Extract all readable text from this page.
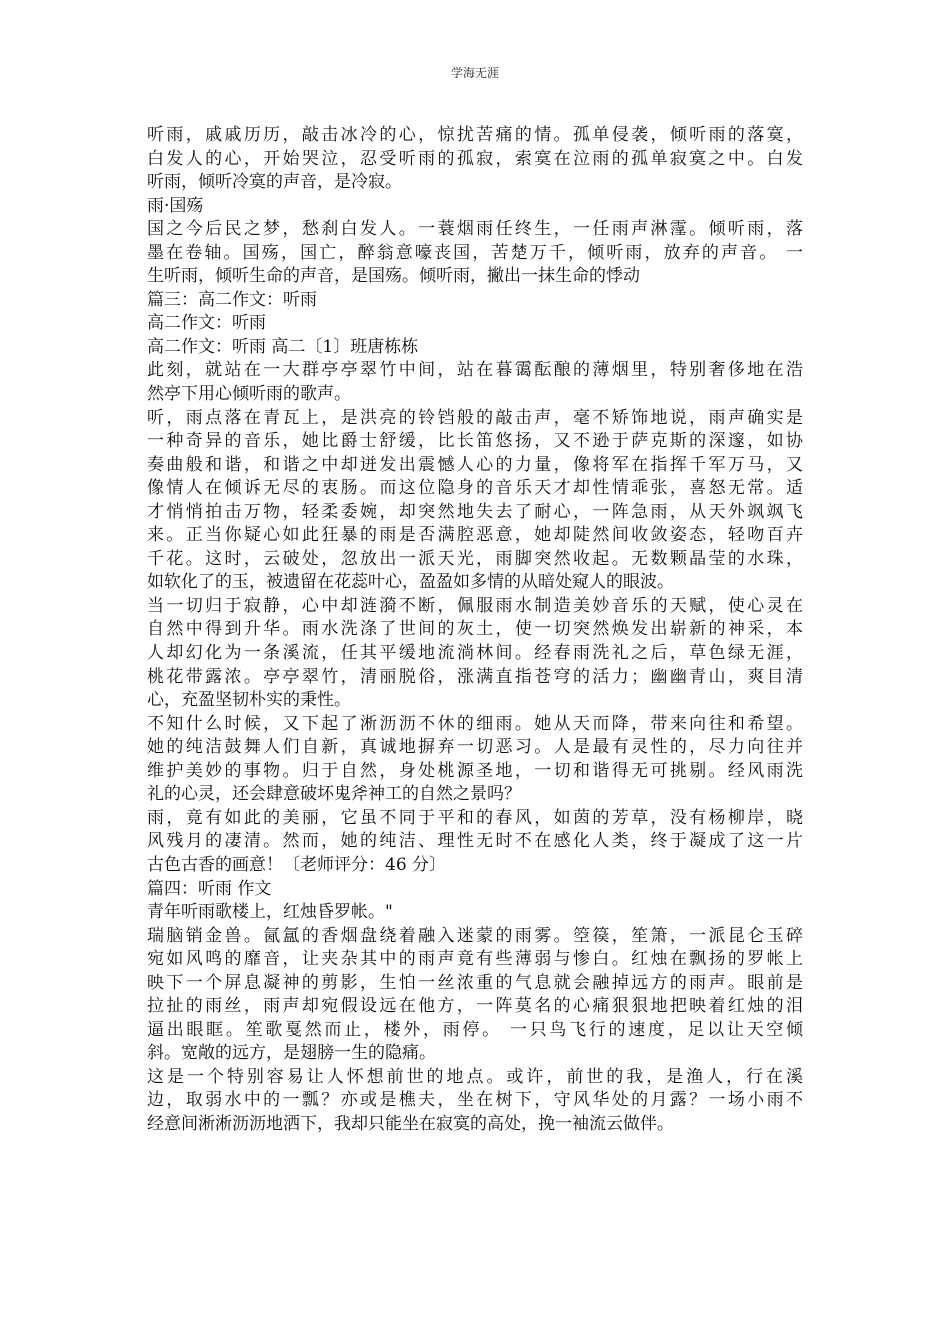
学海无涯
听雨，戚戚历历，敲击冰冷的心，惊扰苦痛的情。孤单侵袭，倾听雨的落寞，
白发人的心，开始哭泣，忍受听雨的孤寂，索寞在泣雨的孤单寂寞之中。白发
听雨，倾听冷寞的声音，是冷寂。
雨·国殇
国之今后民之梦，愁刹白发人。一蓑烟雨任终生，一任雨声淋霪。倾听雨，落
墨在卷轴。国殇，国亡，醉翁意嚎丧国，苦楚万千，倾听雨，放弃的声音。 一
生听雨，倾听生命的声音，是国殇。倾听雨，撇出一抹生命的悸动
篇三：高二作文：听雨
高二作文：听雨
高二作文：听雨 高二〔1〕班唐栋栋
此刻，就站在一大群亭亭翠竹中间，站在暮霭酝酿的薄烟里，特别奢侈地在浩
然亭下用心倾听雨的歌声。
听，雨点落在青瓦上，是洪亮的铃铛般的敲击声，毫不矫饰地说，雨声确实是
一种奇异的音乐，她比爵士舒缓，比长笛悠扬，又不逊于萨克斯的深邃，如协
奏曲般和谐，和谐之中却迸发出震憾人心的力量，像将军在指挥千军万马，又
像情人在倾诉无尽的衷肠。而这位隐身的音乐天才却性情乖张，喜怒无常。适
才悄悄拍击万物，轻柔委婉，却突然地失去了耐心，一阵急雨，从天外飒飒飞
来。正当你疑心如此狂暴的雨是否满腔恶意，她却陡然间收敛姿态，轻吻百卉
千花。这时，云破处，忽放出一派天光，雨脚突然收起。无数颗晶莹的水珠，
如软化了的玉，被遗留在花蕊叶心，盈盈如多情的从暗处窥人的眼波。
当一切归于寂静，心中却涟漪不断，佩服雨水制造美妙音乐的天赋，使心灵在
自然中得到升华。雨水洗涤了世间的灰土，使一切突然焕发出崭新的神采，本
人却幻化为一条溪流，任其平缓地流淌林间。经春雨洗礼之后，草色绿无涯，
桃花带露浓。亭亭翠竹，清丽脱俗，涨满直指苍穹的活力；幽幽青山，爽目清
心，充盈坚韧朴实的秉性。
不知什么时候，又下起了淅沥沥不休的细雨。她从天而降，带来向往和希望。
她的纯洁鼓舞人们自新，真诚地摒弃一切恶习。人是最有灵性的，尽力向往并
维护美妙的事物。归于自然，身处桃源圣地，一切和谐得无可挑剔。经风雨洗
礼的心灵，还会肆意破坏鬼斧神工的自然之景吗？
雨，竟有如此的美丽，它虽不同于平和的春风，如茵的芳草，没有杨柳岸，晓
风残月的凄清。然而，她的纯洁、理性无时不在感化人类，终于凝成了这一片
古色古香的画意！〔老师评分：46 分〕
篇四：听雨 作文
青年听雨歌楼上，红烛昏罗帐。"
瑞脑销金兽。氤氲的香烟盘绕着融入迷蒙的雨雾。箜篌，笙箫，一派昆仑玉碎
宛如风鸣的靡音，让夹杂其中的雨声竟有些薄弱与惨白。红烛在飘扬的罗帐上
映下一个屏息凝神的剪影，生怕一丝浓重的气息就会融掉远方的雨声。眼前是
拉扯的雨丝，雨声却宛假设远在他方，一阵莫名的心痛狠狠地把映着红烛的泪
逼出眼眶。笙歌戛然而止，楼外，雨停。 一只鸟飞行的速度，足以让天空倾
斜。宽敞的远方，是翅膀一生的隐痛。
这是一个特别容易让人怀想前世的地点。或许，前世的我，是渔人，行在溪
边，取弱水中的一瓢？亦或是樵夫，坐在树下，守风华处的月露？一场小雨不
经意间淅淅沥沥地洒下，我却只能坐在寂寞的高处，挽一袖流云做伴。
